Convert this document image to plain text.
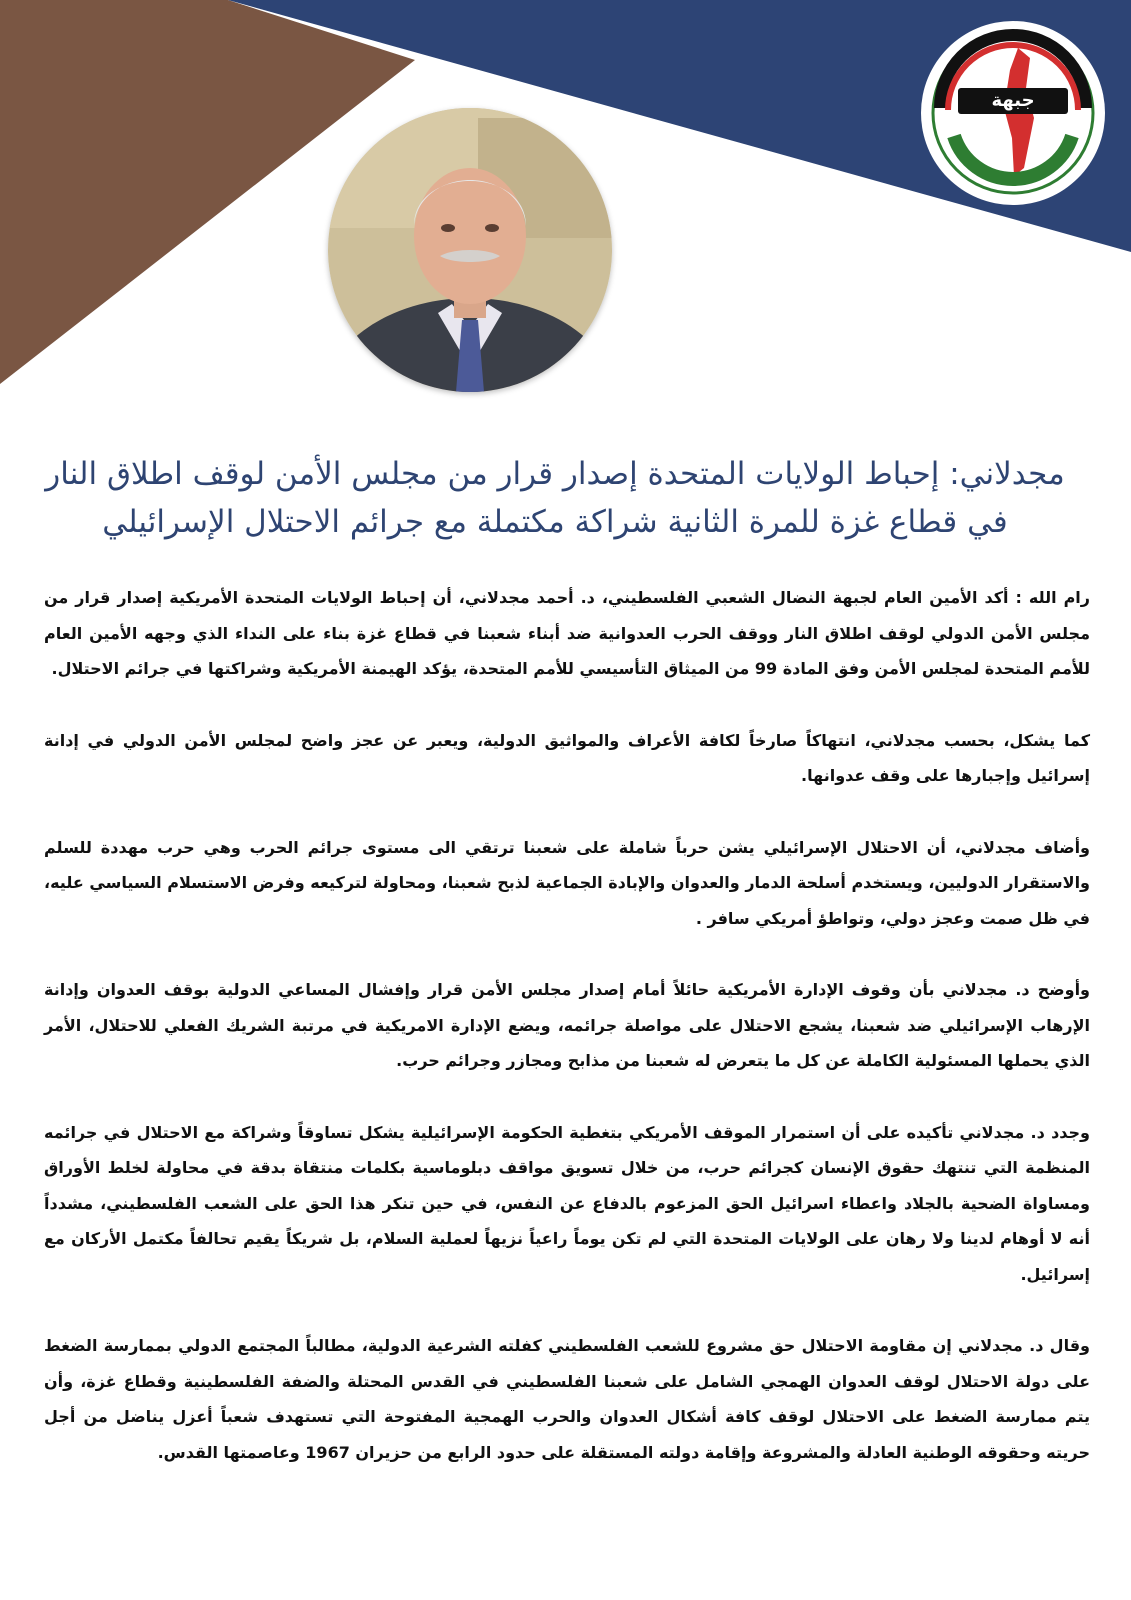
جبهة
مجدلاني: إحباط الولايات المتحدة إصدار قرار من مجلس الأمن لوقف اطلاق النار
في قطاع غزة للمرة الثانية شراكة مكتملة مع جرائم الاحتلال الإسرائيلي

رام الله : أكد الأمين العام لجبهة النضال الشعبي الفلسطيني، د. أحمد مجدلاني، أن إحباط الولايات المتحدة الأمريكية إصدار قرار من مجلس الأمن الدولي لوقف اطلاق النار ووقف الحرب العدوانية ضد أبناء شعبنا في قطاع غزة بناء على النداء الذي وجهه الأمين العام للأمم المتحدة لمجلس الأمن وفق المادة 99 من الميثاق التأسيسي للأمم المتحدة، يؤكد الهيمنة الأمريكية وشراكتها في جرائم الاحتلال.

كما يشكل، بحسب مجدلاني، انتهاكاً صارخاً لكافة الأعراف والمواثيق الدولية، ويعبر عن عجز واضح لمجلس الأمن الدولي في إدانة إسرائيل وإجبارها على وقف عدوانها.

وأضاف مجدلاني، أن الاحتلال الإسرائيلي يشن حرباً شاملة على شعبنا ترتقي الى مستوى جرائم الحرب وهي حرب مهددة للسلم والاستقرار الدوليين، ويستخدم أسلحة الدمار والعدوان والإبادة الجماعية لذبح شعبنا، ومحاولة لتركيعه وفرض الاستسلام السياسي عليه، في ظل صمت وعجز دولي، وتواطؤ أمريكي سافر .

وأوضح د. مجدلاني بأن وقوف الإدارة الأمريكية حائلاً أمام إصدار مجلس الأمن قرار وإفشال المساعي الدولية بوقف العدوان وإدانة الإرهاب الإسرائيلي ضد شعبنا، يشجع الاحتلال على مواصلة جرائمه، ويضع الإدارة الامريكية في مرتبة الشريك الفعلي للاحتلال، الأمر الذي يحملها المسئولية الكاملة عن كل ما يتعرض له شعبنا من مذابح ومجازر وجرائم حرب.

وجدد د. مجدلاني تأكيده على أن استمرار الموقف الأمريكي بتغطية الحكومة الإسرائيلية يشكل تساوقاً وشراكة مع الاحتلال في جرائمه المنظمة التي تنتهك حقوق الإنسان كجرائم حرب، من خلال تسويق مواقف دبلوماسية بكلمات منتقاة بدقة في محاولة لخلط الأوراق ومساواة الضحية بالجلاد واعطاء اسرائيل الحق المزعوم بالدفاع عن النفس، في حين تنكر هذا الحق على الشعب الفلسطيني، مشدداً أنه لا أوهام لدينا ولا رهان على الولايات المتحدة التي لم تكن يوماً راعياً نزيهاً لعملية السلام، بل شريكاً يقيم تحالفاً مكتمل الأركان مع إسرائيل.

وقال د. مجدلاني إن مقاومة الاحتلال حق مشروع للشعب الفلسطيني كفلته الشرعية الدولية، مطالباً المجتمع الدولي بممارسة الضغط على دولة الاحتلال لوقف العدوان الهمجي الشامل على شعبنا الفلسطيني في القدس المحتلة والضفة الفلسطينية وقطاع غزة، وأن يتم ممارسة الضغط على الاحتلال لوقف كافة أشكال العدوان والحرب الهمجية المفتوحة التي تستهدف شعباً أعزل يناضل من أجل حريته وحقوقه الوطنية العادلة والمشروعة وإقامة دولته المستقلة على حدود الرابع من حزيران 1967 وعاصمتها القدس.
